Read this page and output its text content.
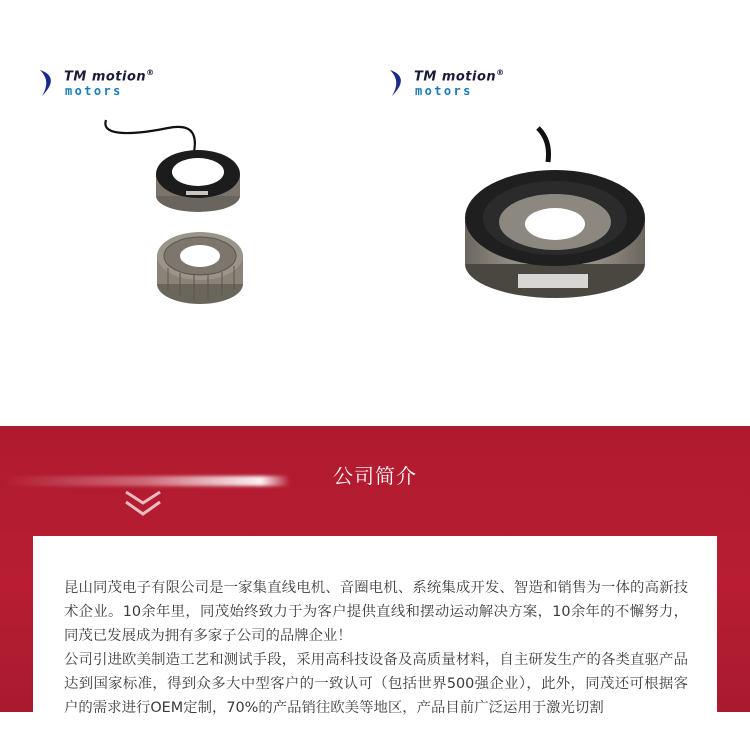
TM motion®
motors
TM motion®
motors
公司简介

昆山同茂电子有限公司是一家集直线电机、音圈电机、系统集成开发、智造和销售为一体的高新技术企业。10余年里，同茂始终致力于为客户提供直线和摆动运动解决方案，10余年的不懈努力，同茂已发展成为拥有多家子公司的品牌企业！

公司引进欧美制造工艺和测试手段，采用高科技设备及高质量材料，自主研发生产的各类直驱产品达到国家标准，得到众多大中型客户的一致认可（包括世界500强企业），此外，同茂还可根据客户的需求进行OEM定制，70%的产品销往欧美等地区，产品目前广泛运用于激光切割
